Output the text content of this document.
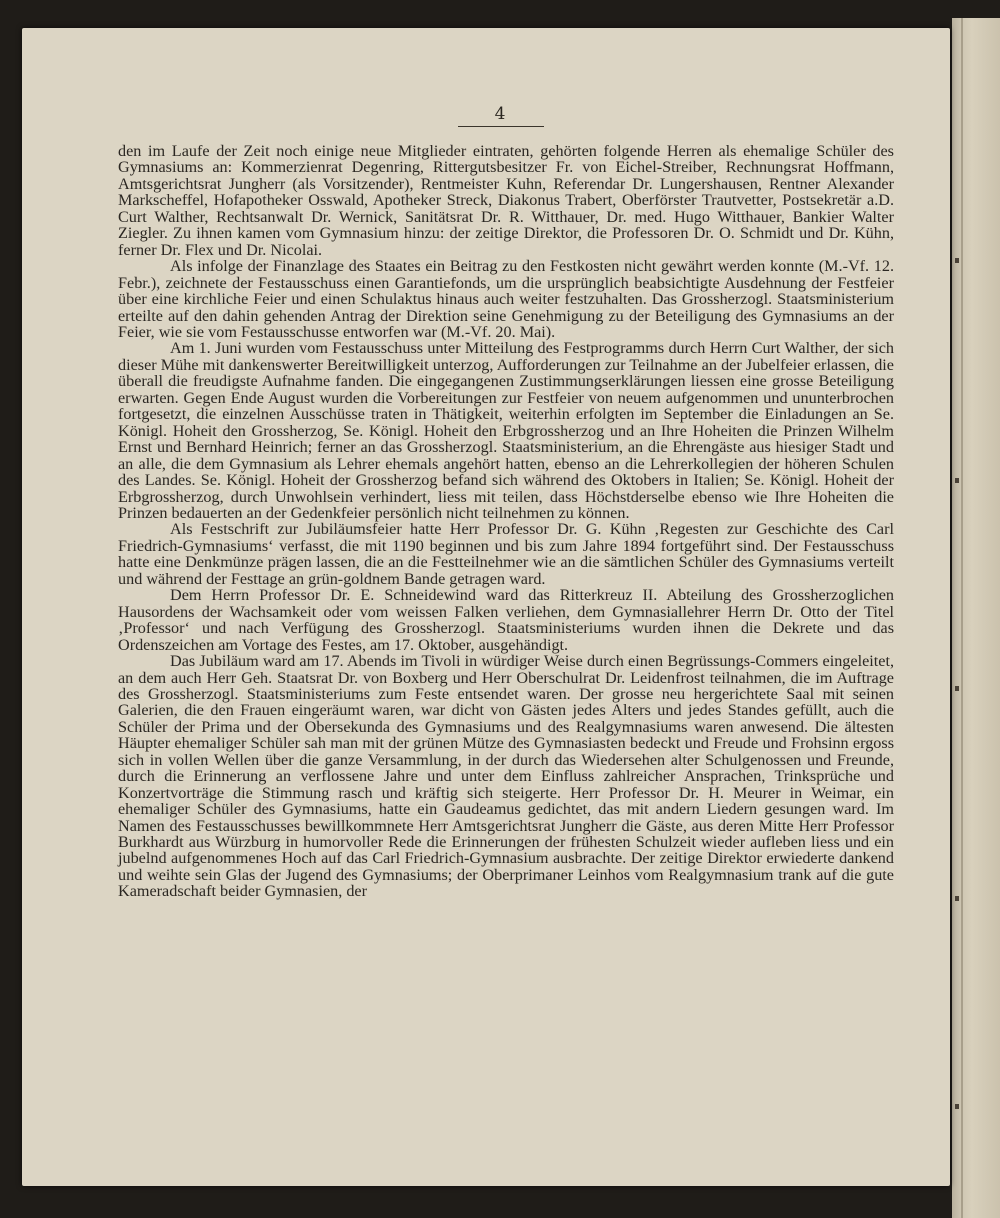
4

den im Laufe der Zeit noch einige neue Mitglieder eintraten, gehörten folgende Herren als ehemalige Schüler des Gymnasiums an: Kommerzienrat Degenring, Rittergutsbesitzer Fr. von Eichel-Streiber, Rechnungsrat Hoffmann, Amtsgerichtsrat Jungherr (als Vorsitzender), Rentmeister Kuhn, Referendar Dr. Lungershausen, Rentner Alexander Markscheffel, Hofapotheker Osswald, Apotheker Streck, Diakonus Trabert, Oberförster Trautvetter, Postsekretär a.D. Curt Walther, Rechtsanwalt Dr. Wernick, Sanitätsrat Dr. R. Witthauer, Dr. med. Hugo Witthauer, Bankier Walter Ziegler. Zu ihnen kamen vom Gymnasium hinzu: der zeitige Direktor, die Professoren Dr. O. Schmidt und Dr. Kühn, ferner Dr. Flex und Dr. Nicolai.

Als infolge der Finanzlage des Staates ein Beitrag zu den Festkosten nicht gewährt werden konnte (M.-Vf. 12. Febr.), zeichnete der Festausschuss einen Garantiefonds, um die ursprünglich beabsichtigte Ausdehnung der Festfeier über eine kirchliche Feier und einen Schulaktus hinaus auch weiter festzuhalten. Das Grossherzogl. Staatsministerium erteilte auf den dahin gehenden Antrag der Direktion seine Genehmigung zu der Beteiligung des Gymnasiums an der Feier, wie sie vom Festausschusse entworfen war (M.-Vf. 20. Mai).

Am 1. Juni wurden vom Festausschuss unter Mitteilung des Festprogramms durch Herrn Curt Walther, der sich dieser Mühe mit dankenswerter Bereitwilligkeit unterzog, Aufforderungen zur Teilnahme an der Jubelfeier erlassen, die überall die freudigste Aufnahme fanden. Die eingegangenen Zustimmungserklärungen liessen eine grosse Beteiligung erwarten. Gegen Ende August wurden die Vorbereitungen zur Festfeier von neuem aufgenommen und ununterbrochen fortgesetzt, die einzelnen Ausschüsse traten in Thätigkeit, weiterhin erfolgten im September die Einladungen an Se. Königl. Hoheit den Grossherzog, Se. Königl. Hoheit den Erbgrossherzog und an Ihre Hoheiten die Prinzen Wilhelm Ernst und Bernhard Heinrich; ferner an das Grossherzogl. Staatsministerium, an die Ehrengäste aus hiesiger Stadt und an alle, die dem Gymnasium als Lehrer ehemals angehört hatten, ebenso an die Lehrerkollegien der höheren Schulen des Landes. Se. Königl. Hoheit der Grossherzog befand sich während des Oktobers in Italien; Se. Königl. Hoheit der Erbgrossherzog, durch Unwohlsein verhindert, liess mit teilen, dass Höchstderselbe ebenso wie Ihre Hoheiten die Prinzen bedauerten an der Gedenkfeier persönlich nicht teilnehmen zu können.

Als Festschrift zur Jubiläumsfeier hatte Herr Professor Dr. G. Kühn ‚Regesten zur Geschichte des Carl Friedrich-Gymnasiums‘ verfasst, die mit 1190 beginnen und bis zum Jahre 1894 fortgeführt sind. Der Festausschuss hatte eine Denkmünze prägen lassen, die an die Festteilnehmer wie an die sämtlichen Schüler des Gymnasiums verteilt und während der Festtage an grün-goldnem Bande getragen ward.

Dem Herrn Professor Dr. E. Schneidewind ward das Ritterkreuz II. Abteilung des Grossherzoglichen Hausordens der Wachsamkeit oder vom weissen Falken verliehen, dem Gymnasiallehrer Herrn Dr. Otto der Titel ‚Professor‘ und nach Verfügung des Grossherzogl. Staatsministeriums wurden ihnen die Dekrete und das Ordenszeichen am Vortage des Festes, am 17. Oktober, ausgehändigt.

Das Jubiläum ward am 17. Abends im Tivoli in würdiger Weise durch einen Begrüssungs-Commers eingeleitet, an dem auch Herr Geh. Staatsrat Dr. von Boxberg und Herr Oberschulrat Dr. Leidenfrost teilnahmen, die im Auftrage des Grossherzogl. Staatsministeriums zum Feste entsendet waren. Der grosse neu hergerichtete Saal mit seinen Galerien, die den Frauen eingeräumt waren, war dicht von Gästen jedes Alters und jedes Standes gefüllt, auch die Schüler der Prima und der Obersekunda des Gymnasiums und des Realgymnasiums waren anwesend. Die ältesten Häupter ehemaliger Schüler sah man mit der grünen Mütze des Gymnasiasten bedeckt und Freude und Frohsinn ergoss sich in vollen Wellen über die ganze Versammlung, in der durch das Wiedersehen alter Schulgenossen und Freunde, durch die Erinnerung an verflossene Jahre und unter dem Einfluss zahlreicher Ansprachen, Trinksprüche und Konzertvorträge die Stimmung rasch und kräftig sich steigerte. Herr Professor Dr. H. Meurer in Weimar, ein ehemaliger Schüler des Gymnasiums, hatte ein Gaudeamus gedichtet, das mit andern Liedern gesungen ward. Im Namen des Festausschusses bewillkommnete Herr Amtsgerichtsrat Jungherr die Gäste, aus deren Mitte Herr Professor Burkhardt aus Würzburg in humorvoller Rede die Erinnerungen der frühesten Schulzeit wieder aufleben liess und ein jubelnd aufgenommenes Hoch auf das Carl Friedrich-Gymnasium ausbrachte. Der zeitige Direktor erwiederte dankend und weihte sein Glas der Jugend des Gymnasiums; der Oberprimaner Leinhos vom Realgymnasium trank auf die gute Kameradschaft beider Gymnasien, der
